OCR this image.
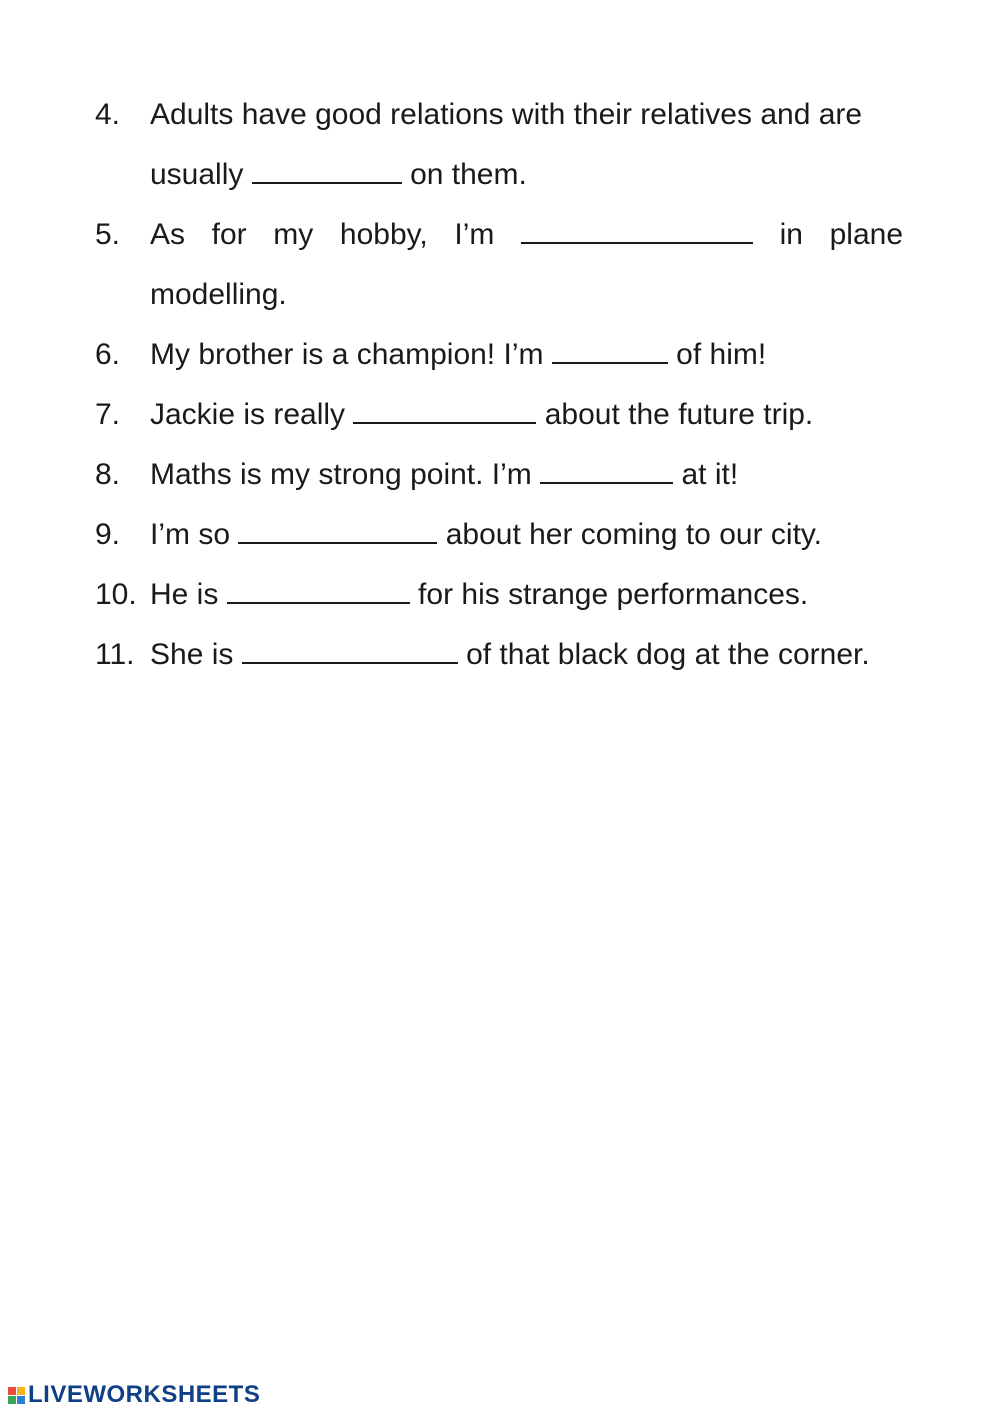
4. Adults have good relations with their relatives and are usually	on them.
5. As for my hobby, I’m	in plane modelling.
6. My brother is a champion! I’m	of him!
7. Jackie is really	about the future trip.
8. Maths is my strong point. I’m	at it!
9. I’m so	about her coming to our city.
10. He is	for his strange performances.
11. She is	of that black dog at the corner.
LIVEWORKSHEETS
